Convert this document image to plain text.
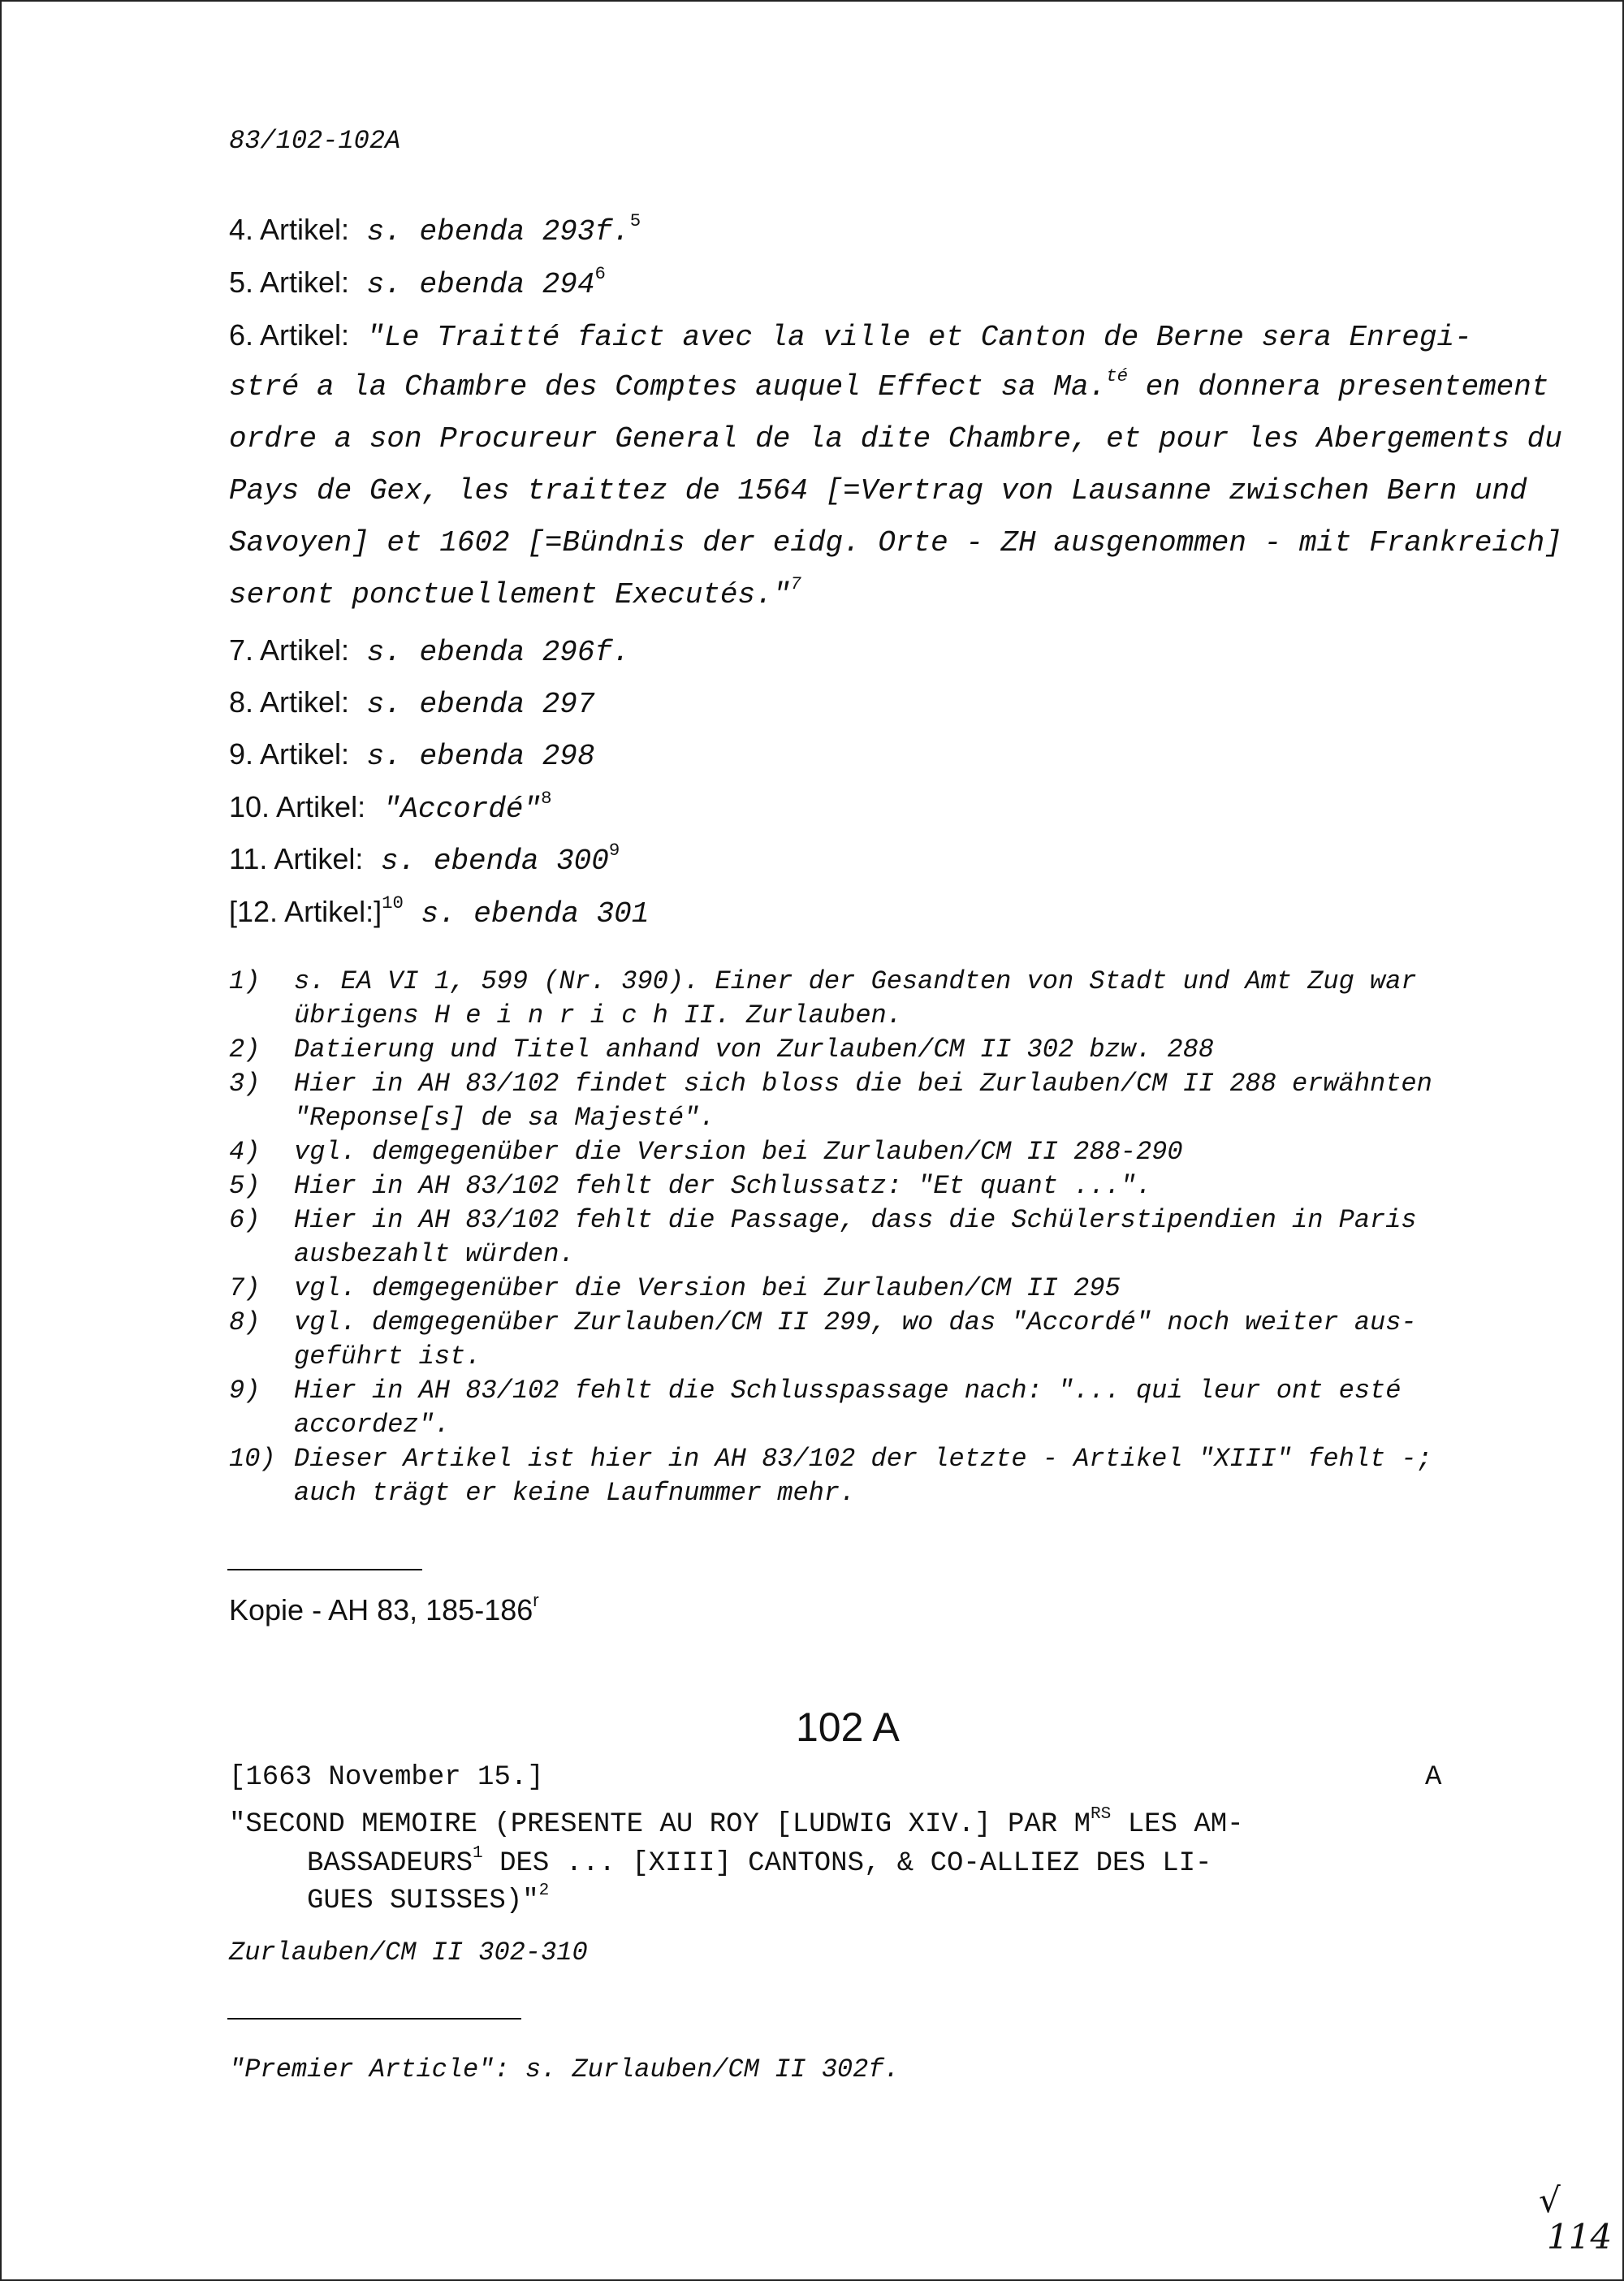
83/102-102A
4. Artikel: s. ebenda 293f.$^5$
5. Artikel: s. ebenda $294^6$
6. Artikel: "Le Traitté faict avec la ville et Canton de Berne sera Enregi-
stré a la Chambre des Comptes auquel Effect sa Ma.$^{té}$ en donnera presentement
ordre a son Procureur General de la dite Chambre, et pour les Abergements du
Pays de Gex, les traittez de 1564 [=Vertrag von Lausanne zwischen Bern und
Savoyen] et 1602 [=Bündnis der eidg. Orte - ZH ausgenommen - mit Frankreich]
seront ponctuellement Executés."$^7$
7. Artikel: s. ebenda 296f.
8. Artikel: s. ebenda 297
9. Artikel: s. ebenda 298
10. Artikel: "Accordé"$^8$
11. Artikel: s. ebenda $300^9$
[12. Artikel:]$^{10}$ s. ebenda 301
1)	s. EA VI 1, 599 (Nr. 390). Einer der Gesandten von Stadt und Amt Zug war
übrigens H e i n r i c h II. Zurlauben.
2)	Datierung und Titel anhand von Zurlauben/CM II 302 bzw. 288
3)	Hier in AH 83/102 findet sich bloss die bei Zurlauben/CM II 288 erwähnten
"Reponse[s] de sa Majesté".
4)	vgl. demgegenüber die Version bei Zurlauben/CM II 288-290
5)	Hier in AH 83/102 fehlt der Schlussatz: "Et quant ...".
6)	Hier in AH 83/102 fehlt die Passage, dass die Schülerstipendien in Paris
ausbezahlt würden.
7)	vgl. demgegenüber die Version bei Zurlauben/CM II 295
8)	vgl. demgegenüber Zurlauben/CM II 299, wo das "Accordé" noch weiter aus-
geführt ist.
9)	Hier in AH 83/102 fehlt die Schlusspassage nach: "... qui leur ont esté
accordez".
10) Dieser Artikel ist hier in AH 83/102 der letzte - Artikel "XIII" fehlt -;
auch trägt er keine Laufnummer mehr.
Kopie - AH 83, 185-186$^r$
102 A
[1663 November 15.]	A
"SECOND MEMOIRE (PRESENTE AU ROY [LUDWIG XIV.] PAR $M^{RS}$ LES AM-
BASSADEURS$^1$ DES ... [XIII] CANTONS, & CO-ALLIEZ DES LI-
GUES SUISSES)"$^2$
Zurlauben/CM II 302-310
"Premier Article": s. Zurlauben/CM II 302f.
√
114
